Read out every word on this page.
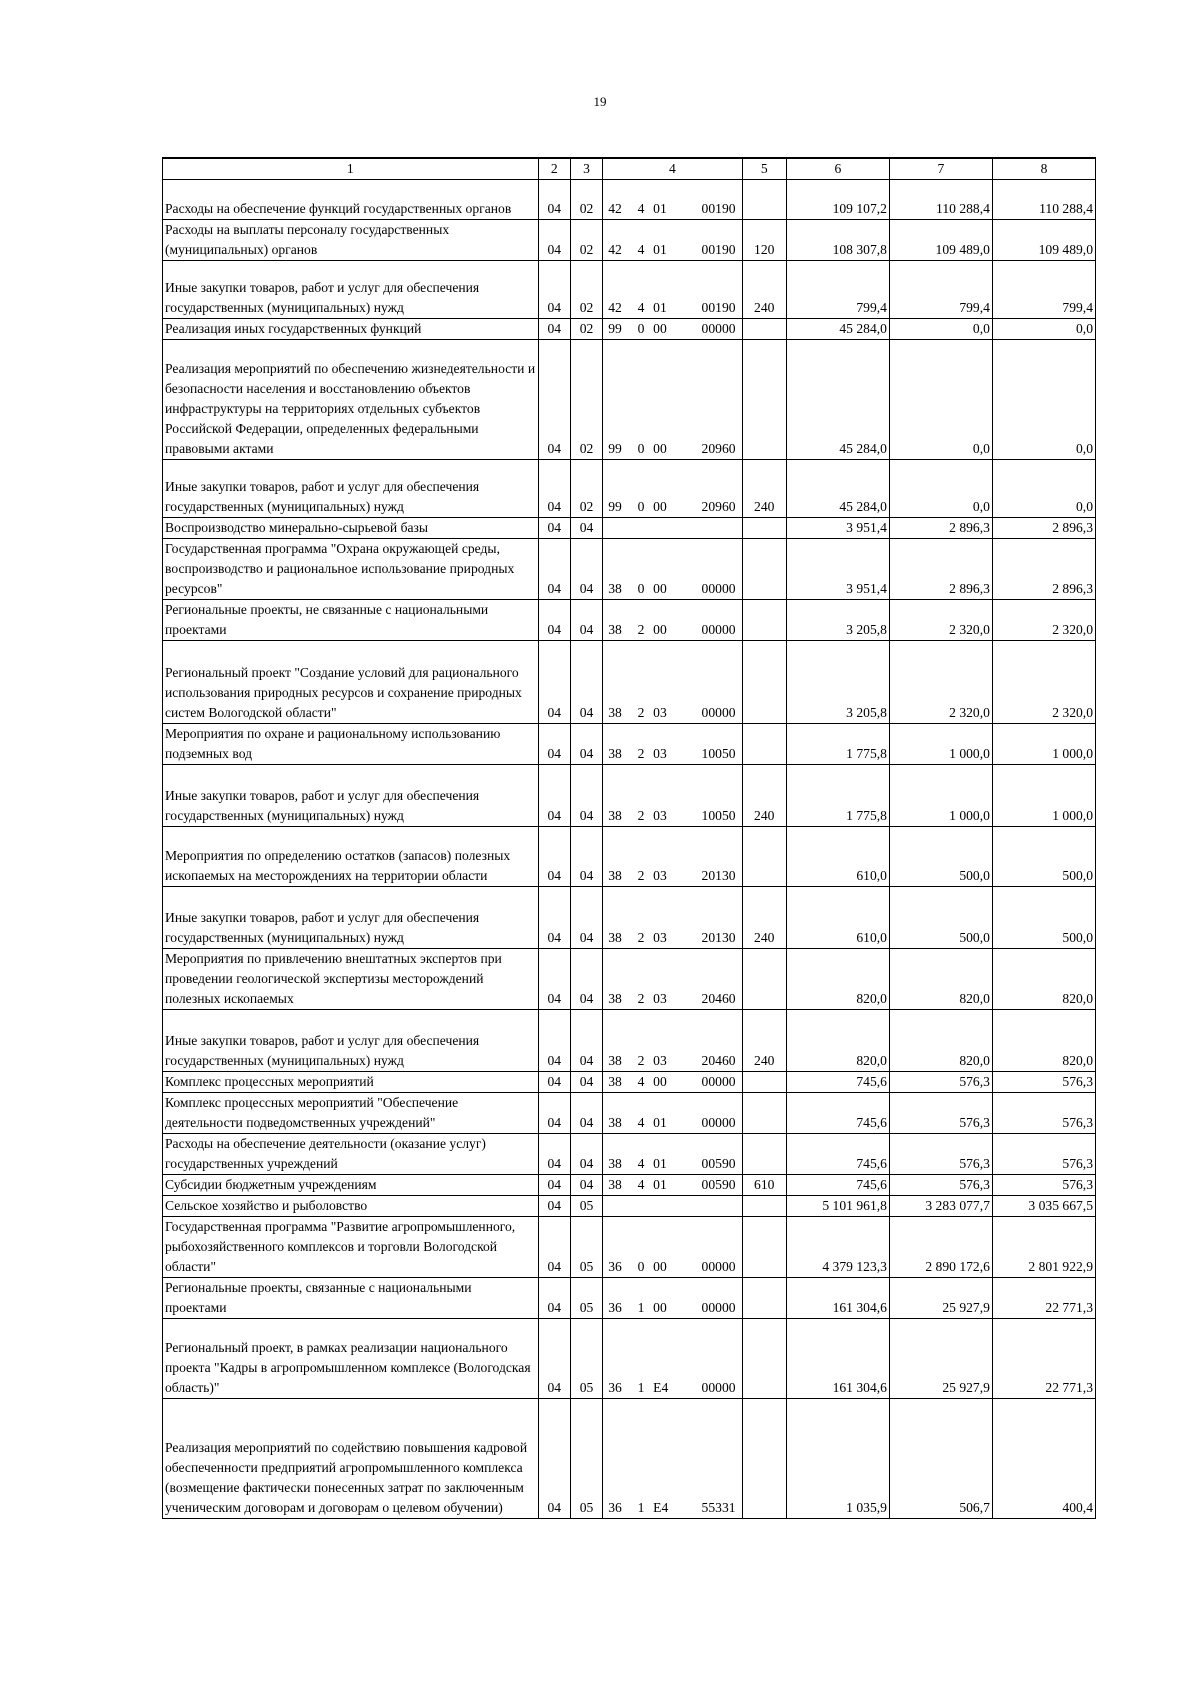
19
1	2	3	4				5	6	7	8
Расходы на обеспечение функций государственных органов	04	02	42	4	01	00190		109 107,2	110 288,4	110 288,4
Расходы на выплаты персоналу государственных (муниципальных) органов	04	02	42	4	01	00190	120	108 307,8	109 489,0	109 489,0
Иные закупки товаров, работ и услуг для обеспечения государственных (муниципальных) нужд	04	02	42	4	01	00190	240	799,4	799,4	799,4
Реализация иных государственных функций	04	02	99	0	00	00000		45 284,0	0,0	0,0
Реализация мероприятий по обеспечению жизнедеятельности и безопасности населения и восстановлению объектов инфраструктуры на территориях отдельных субъектов Российской Федерации, определенных федеральными правовыми актами	04	02	99	0	00	20960		45 284,0	0,0	0,0
Иные закупки товаров, работ и услуг для обеспечения государственных (муниципальных) нужд	04	02	99	0	00	20960	240	45 284,0	0,0	0,0
Воспроизводство минерально-сырьевой базы	04	04						3 951,4	2 896,3	2 896,3
Государственная программа "Охрана окружающей среды, воспроизводство и рациональное использование природных ресурсов"	04	04	38	0	00	00000		3 951,4	2 896,3	2 896,3
Региональные проекты, не связанные с национальными проектами	04	04	38	2	00	00000		3 205,8	2 320,0	2 320,0
Региональный проект "Создание условий для рационального использования природных ресурсов и сохранение природных систем Вологодской области"	04	04	38	2	03	00000		3 205,8	2 320,0	2 320,0
Мероприятия по охране и рациональному использованию подземных вод	04	04	38	2	03	10050		1 775,8	1 000,0	1 000,0
Иные закупки товаров, работ и услуг для обеспечения государственных (муниципальных) нужд	04	04	38	2	03	10050	240	1 775,8	1 000,0	1 000,0
Мероприятия по определению остатков (запасов) полезных ископаемых на месторождениях на территории области	04	04	38	2	03	20130		610,0	500,0	500,0
Иные закупки товаров, работ и услуг для обеспечения государственных (муниципальных) нужд	04	04	38	2	03	20130	240	610,0	500,0	500,0
Мероприятия по привлечению внештатных экспертов при проведении геологической экспертизы месторождений полезных ископаемых	04	04	38	2	03	20460		820,0	820,0	820,0
Иные закупки товаров, работ и услуг для обеспечения государственных (муниципальных) нужд	04	04	38	2	03	20460	240	820,0	820,0	820,0
Комплекс процессных мероприятий	04	04	38	4	00	00000		745,6	576,3	576,3
Комплекс процессных мероприятий "Обеспечение деятельности подведомственных учреждений"	04	04	38	4	01	00000		745,6	576,3	576,3
Расходы на обеспечение деятельности (оказание услуг) государственных учреждений	04	04	38	4	01	00590		745,6	576,3	576,3
Субсидии бюджетным учреждениям	04	04	38	4	01	00590	610	745,6	576,3	576,3
Сельское хозяйство и рыболовство	04	05						5 101 961,8	3 283 077,7	3 035 667,5
Государственная программа "Развитие агропромышленного, рыбохозяйственного комплексов и торговли Вологодской области"	04	05	36	0	00	00000		4 379 123,3	2 890 172,6	2 801 922,9
Региональные проекты, связанные с национальными проектами	04	05	36	1	00	00000		161 304,6	25 927,9	22 771,3
Региональный проект, в рамках реализации национального проекта "Кадры в агропромышленном комплексе (Вологодская область)"	04	05	36	1	E4	00000		161 304,6	25 927,9	22 771,3
Реализация мероприятий по содействию повышения кадровой обеспеченности предприятий агропромышленного комплекса (возмещение фактически понесенных затрат по заключенным ученическим договорам и договорам о целевом обучении)	04	05	36	1	E4	55331		1 035,9	506,7	400,4
